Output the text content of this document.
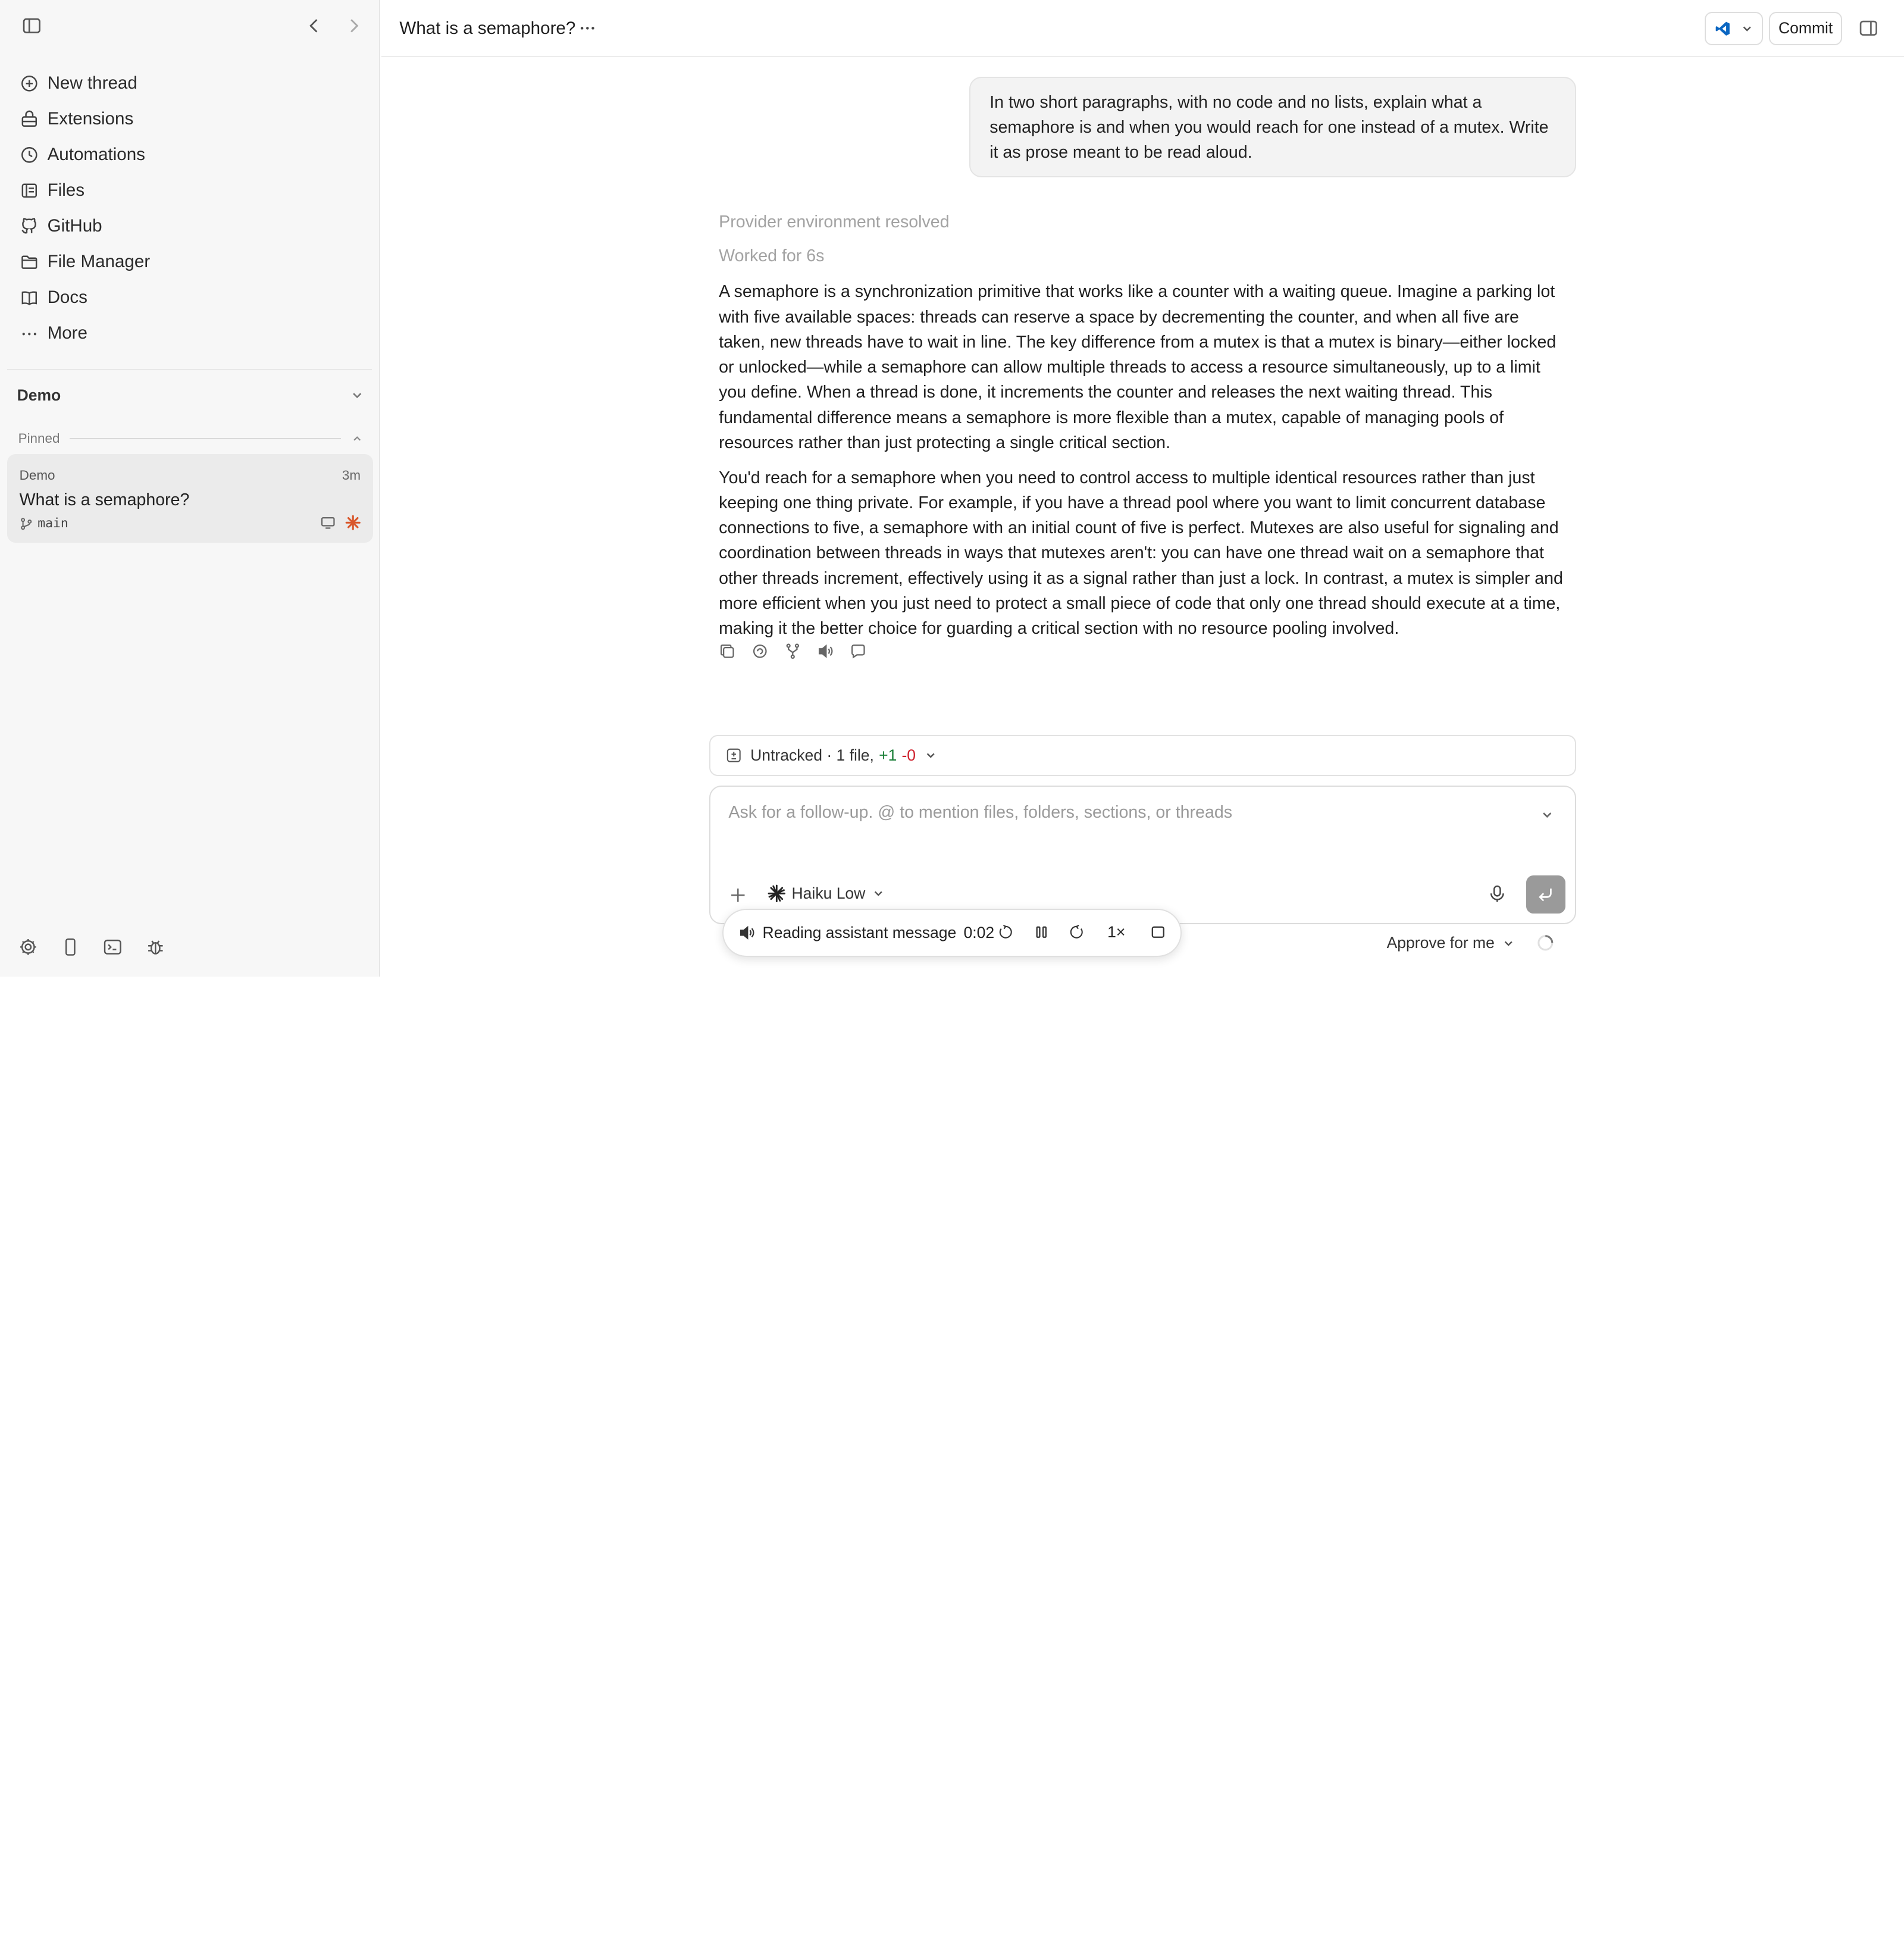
New thread
Extensions
Automations
Files
GitHub
File Manager
Docs
More
Demo
Pinned
Demo	3m
What is a semaphore?
main
What is a semaphore?	Commit
In two short paragraphs, with no code and no lists, explain what a semaphore is and when you would reach for one instead of a mutex. Write it as prose meant to be read aloud.
Provider environment resolved
Worked for 6s

A semaphore is a synchronization primitive that works like a counter with a waiting queue. Imagine a parking lot with five available spaces: threads can reserve a space by decrementing the counter, and when all five are taken, new threads have to wait in line. The key difference from a mutex is that a mutex is binary—either locked or unlocked—while a semaphore can allow multiple threads to access a resource simultaneously, up to a limit you define. When a thread is done, it increments the counter and releases the next waiting thread. This fundamental difference means a semaphore is more flexible than a mutex, capable of managing pools of resources rather than just protecting a single critical section.

You'd reach for a semaphore when you need to control access to multiple identical resources rather than just keeping one thing private. For example, if you have a thread pool where you want to limit concurrent database connections to five, a semaphore with an initial count of five is perfect. Mutexes are also useful for signaling and coordination between threads in ways that mutexes aren't: you can have one thread wait on a semaphore that other threads increment, effectively using it as a signal rather than just a lock. In contrast, a mutex is simpler and more efficient when you just need to protect a small piece of code that only one thread should execute at a time, making it the better choice for guarding a critical section with no resource pooling involved.

Untracked · 1 file, +1 -0
Ask for a follow-up. @ to mention files, folders, sections, or threads
Haiku Low
Reading assistant message 0:02	1×
Approve for me
